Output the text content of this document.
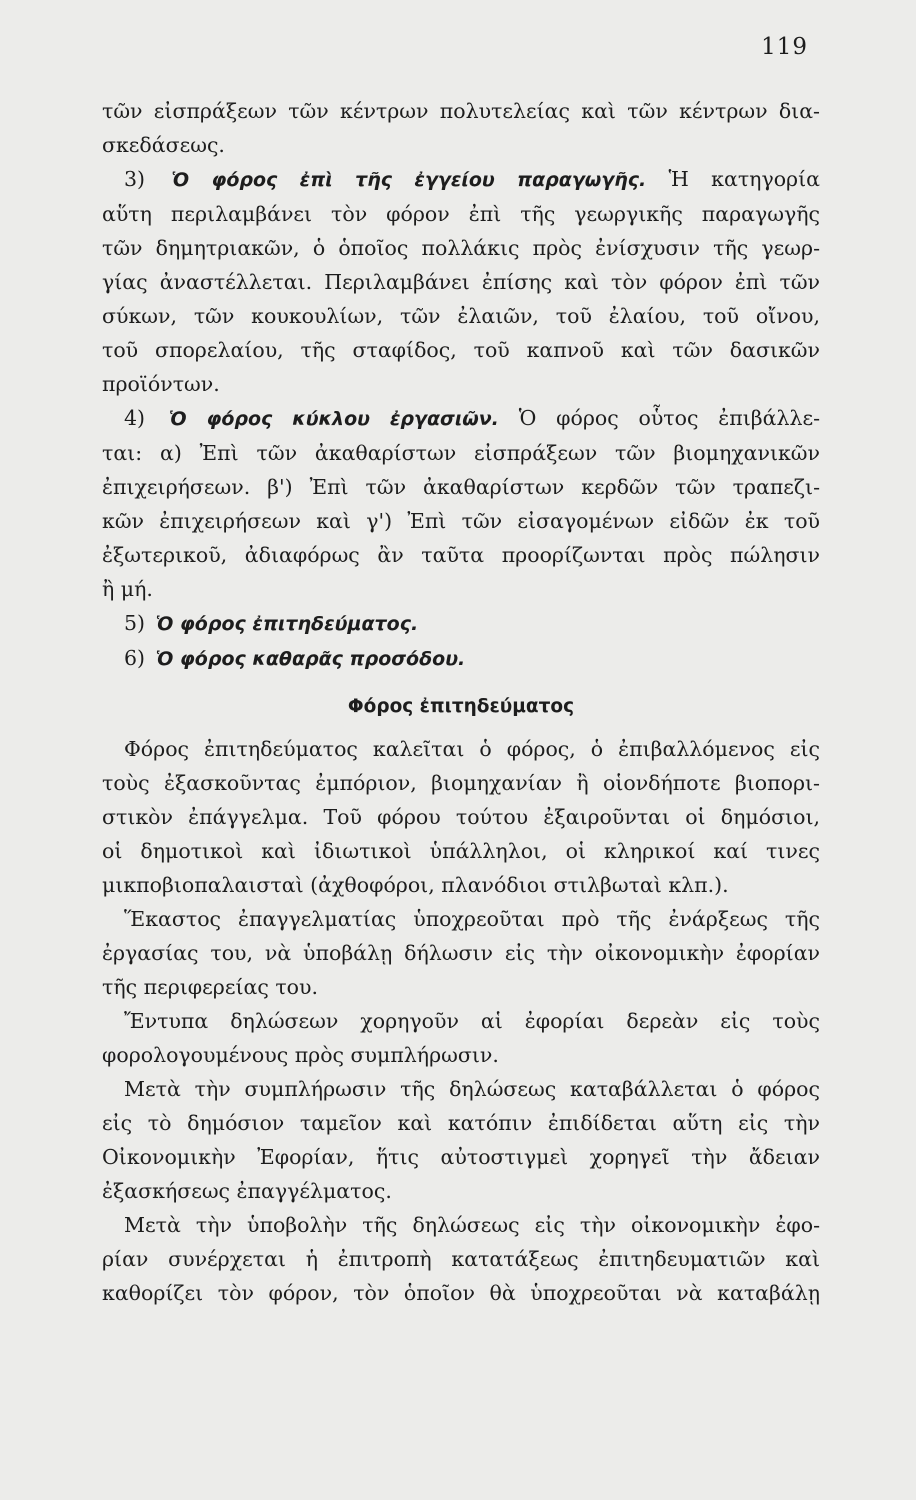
119
τῶν εἰσπράξεων τῶν κέντρων πολυτελείας καὶ τῶν κέντρων δια-
σκεδάσεως.
3) Ὁ φόρος ἐπὶ τῆς ἐγγείου παραγωγῆς. Ἡ κατηγορία
αὕτη περιλαμβάνει τὸν φόρον ἐπὶ τῆς γεωργικῆς παραγωγῆς
τῶν δημητριακῶν, ὁ ὁποῖος πολλάκις πρὸς ἐνίσχυσιν τῆς γεωρ-
γίας ἀναστέλλεται. Περιλαμβάνει ἐπίσης καὶ τὸν φόρον ἐπὶ τῶν
σύκων, τῶν κουκουλίων, τῶν ἐλαιῶν, τοῦ ἐλαίου, τοῦ οἴνου,
τοῦ σπορελαίου, τῆς σταφίδος, τοῦ καπνοῦ καὶ τῶν δασικῶν
προϊόντων.
4) Ὁ φόρος κύκλου ἐργασιῶν. Ὁ φόρος οὗτος ἐπιβάλλε-
ται: α) Ἐπὶ τῶν ἀκαθαρίστων εἰσπράξεων τῶν βιομηχανικῶν
ἐπιχειρήσεων. β') Ἐπὶ τῶν ἀκαθαρίστων κερδῶν τῶν τραπεζι-
κῶν ἐπιχειρήσεων καὶ γ') Ἐπὶ τῶν εἰσαγομένων εἰδῶν ἐκ τοῦ
ἐξωτερικοῦ, ἀδιαφόρως ἂν ταῦτα προορίζωνται πρὸς πώλησιν
ἢ μή.
5) Ὁ φόρος ἐπιτηδεύματος.
6) Ὁ φόρος καθαρᾶς προσόδου.
Φόρος ἐπιτηδεύματος
Φόρος ἐπιτηδεύματος καλεῖται ὁ φόρος, ὁ ἐπιβαλλόμενος εἰς
τοὺς ἐξασκοῦντας ἐμπόριον, βιομηχανίαν ἢ οἱονδήποτε βιοπορι-
στικὸν ἐπάγγελμα. Τοῦ φόρου τούτου ἐξαιροῦνται οἱ δημόσιοι,
οἱ δημοτικοὶ καὶ ἰδιωτικοὶ ὑπάλληλοι, οἱ κληρικοί καί τινες
μικποβιοπαλαισταὶ (ἀχθοφόροι, πλανόδιοι στιλβωταὶ κλπ.).
Ἕκαστος ἐπαγγελματίας ὑποχρεοῦται πρὸ τῆς ἐνάρξεως τῆς
ἐργασίας του, νὰ ὑποβάλῃ δήλωσιν εἰς τὴν οἰκονομικὴν ἐφορίαν
τῆς περιφερείας του.
Ἔντυπα δηλώσεων χορηγοῦν αἱ ἐφορίαι δερεὰν εἰς τοὺς
φορολογουμένους πρὸς συμπλήρωσιν.
Μετὰ τὴν συμπλήρωσιν τῆς δηλώσεως καταβάλλεται ὁ φόρος
εἰς τὸ δημόσιον ταμεῖον καὶ κατόπιν ἐπιδίδεται αὕτη εἰς τὴν
Οἰκονομικὴν Ἐφορίαν, ἥτις αὐτοστιγμεὶ χορηγεῖ τὴν ἄδειαν
ἐξασκήσεως ἐπαγγέλματος.
Μετὰ τὴν ὑποβολὴν τῆς δηλώσεως εἰς τὴν οἰκονομικὴν ἐφο-
ρίαν συνέρχεται ἡ ἐπιτροπὴ κατατάξεως ἐπιτηδευματιῶν καὶ
καθορίζει τὸν φόρον, τὸν ὁποῖον θὰ ὑποχρεοῦται νὰ καταβάλῃ
